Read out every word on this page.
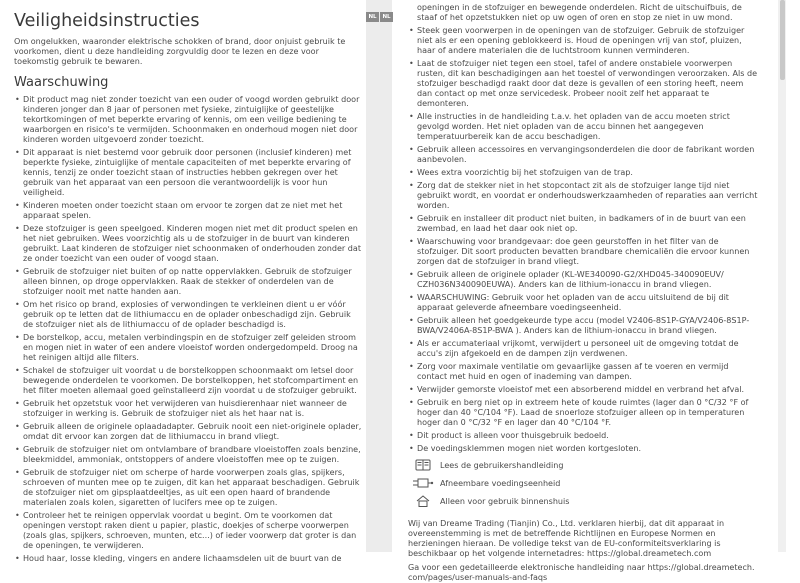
Veiligheidsinstructies

Om ongelukken, waaronder elektrische schokken of brand, door onjuist gebruik te voorkomen, dient u deze handleiding zorgvuldig door te lezen en deze voor toekomstig gebruik te bewaren.

Waarschuwing
• Dit product mag niet zonder toezicht van een ouder of voogd worden gebruikt door kinderen jonger dan 8 jaar of personen met fysieke, zintuiglijke of geestelijke tekortkomingen of met beperkte ervaring of kennis, om een veilige bediening te waarborgen en risico's te vermijden. Schoonmaken en onderhoud mogen niet door kinderen worden uitgevoerd zonder toezicht.
• Dit apparaat is niet bestemd voor gebruik door personen (inclusief kinderen) met beperkte fysieke, zintuiglijke of mentale capaciteiten of met beperkte ervaring of kennis, tenzij ze onder toezicht staan of instructies hebben gekregen over het gebruik van het apparaat van een persoon die verantwoordelijk is voor hun veiligheid.
• Kinderen moeten onder toezicht staan om ervoor te zorgen dat ze niet met het apparaat spelen.
• Deze stofzuiger is geen speelgoed. Kinderen mogen niet met dit product spelen en het niet gebruiken. Wees voorzichtig als u de stofzuiger in de buurt van kinderen gebruikt. Laat kinderen de stofzuiger niet schoonmaken of onderhouden zonder dat ze onder toezicht van een ouder of voogd staan.
• Gebruik de stofzuiger niet buiten of op natte oppervlakken. Gebruik de stofzuiger alleen binnen, op droge oppervlakken. Raak de stekker of onderdelen van de stofzuiger nooit met natte handen aan.
• Om het risico op brand, explosies of verwondingen te verkleinen dient u er vóór gebruik op te letten dat de lithiumaccu en de oplader onbeschadigd zijn. Gebruik de stofzuiger niet als de lithiumaccu of de oplader beschadigd is.
• De borstelkop, accu, metalen verbindingspin en de stofzuiger zelf geleiden stroom en mogen niet in water of een andere vloeistof worden ondergedompeld. Droog na het reinigen altijd alle filters.
• Schakel de stofzuiger uit voordat u de borstelkoppen schoonmaakt om letsel door bewegende onderdelen te voorkomen. De borstelkoppen, het stofcompartiment en het filter moeten allemaal goed geïnstalleerd zijn voordat u de stofzuiger gebruikt.
• Gebruik het opzetstuk voor het verwijderen van huisdierenhaar niet wanneer de stofzuiger in werking is. Gebruik de stofzuiger niet als het haar nat is.
• Gebruik alleen de originele oplaadadapter. Gebruik nooit een niet-originele oplader, omdat dit ervoor kan zorgen dat de lithiumaccu in brand vliegt.
• Gebruik de stofzuiger niet om ontvlambare of brandbare vloeistoffen zoals benzine, bleekmiddel, ammoniak, ontstoppers of andere vloeistoffen mee op te zuigen.
• Gebruik de stofzuiger niet om scherpe of harde voorwerpen zoals glas, spijkers, schroeven of munten mee op te zuigen, dit kan het apparaat beschadigen. Gebruik de stofzuiger niet om gipsplaatdeeltjes, as uit een open haard of brandende materialen zoals kolen, sigaretten of lucifers mee op te zuigen.
• Controleer het te reinigen oppervlak voordat u begint. Om te voorkomen dat openingen verstopt raken dient u papier, plastic, doekjes of scherpe voorwerpen (zoals glas, spijkers, schroeven, munten, etc...) of ieder voorwerp dat groter is dan de openingen, te verwijderen.
• Houd haar, losse kleding, vingers en andere lichaamsdelen uit de buurt van de
NL	NL
openingen in de stofzuiger en bewegende onderdelen. Richt de uitschuifbuis, de staaf of het opzetstukken niet op uw ogen of oren en stop ze niet in uw mond.
• Steek geen voorwerpen in de openingen van de stofzuiger. Gebruik de stofzuiger niet als er een opening geblokkeerd is. Houd de openingen vrij van stof, pluizen, haar of andere materialen die de luchtstroom kunnen verminderen.
• Laat de stofzuiger niet tegen een stoel, tafel of andere onstabiele voorwerpen rusten, dit kan beschadigingen aan het toestel of verwondingen veroorzaken. Als de stofzuiger beschadigd raakt door dat deze is gevallen of een storing heeft, neem dan contact op met onze servicedesk. Probeer nooit zelf het apparaat te demonteren.
• Alle instructies in de handleiding t.a.v. het opladen van de accu moeten strict gevolgd worden. Het niet opladen van de accu binnen het aangegeven temperatuurbereik kan de accu beschadigen.
• Gebruik alleen accessoires en vervangingsonderdelen die door de fabrikant worden aanbevolen.
• Wees extra voorzichtig bij het stofzuigen van de trap.
• Zorg dat de stekker niet in het stopcontact zit als de stofzuiger lange tijd niet gebruikt wordt, en voordat er onderhoudswerkzaamheden of reparaties aan verricht worden.
• Gebruik en installeer dit product niet buiten, in badkamers of in de buurt van een zwembad, en laad het daar ook niet op.
• Waarschuwing voor brandgevaar: doe geen geurstoffen in het filter van de stofzuiger. Dit soort producten bevatten brandbare chemicaliën die ervoor kunnen zorgen dat de stofzuiger in brand vliegt.
• Gebruik alleen de originele oplader (KL-WE340090-G2/XHD045-340090EUV/ CZH036N340090EUWA). Anders kan de lithium-ionaccu in brand vliegen.
• WAARSCHUWING: Gebruik voor het opladen van de accu uitsluitend de bij dit apparaat geleverde afneembare voedingseenheid.
• Gebruik alleen het goedgekeurde type accu (model V2406-8S1P-GYA/V2406-8S1P-BWA/V2406A-8S1P-BWA ). Anders kan de lithium-ionaccu in brand vliegen.
• Als er accumateriaal vrijkomt, verwijdert u personeel uit de omgeving totdat de accu's zijn afgekoeld en de dampen zijn verdwenen.
• Zorg voor maximale ventilatie om gevaarlijke gassen af te voeren en vermijd contact met huid en ogen of inademing van dampen.
• Verwijder gemorste vloeistof met een absorberend middel en verbrand het afval.
• Gebruik en berg niet op in extreem hete of koude ruimtes (lager dan 0 °C/32 °F of hoger dan 40 °C/104 °F). Laad de snoerloze stofzuiger alleen op in temperaturen hoger dan 0 °C/32 °F en lager dan 40 °C/104 °F.
• Dit product is alleen voor thuisgebruik bedoeld.
• De voedingsklemmen mogen niet worden kortgesloten.
Lees de gebruikershandleiding
Afneembare voedingseenheid
Alleen voor gebruik binnenshuis

Wij van Dreame Trading (Tianjin) Co., Ltd. verklaren hierbij, dat dit apparaat in overeenstemming is met de betreffende Richtlijnen en Europese Normen en herzieningen hieraan. De volledige tekst van de EU-conformiteitsverklaring is beschikbaar op het volgende internetadres: https://global.dreametech.com

Ga voor een gedetailleerde elektronische handleiding naar https://global.dreametech. com/pages/user-manuals-and-faqs
